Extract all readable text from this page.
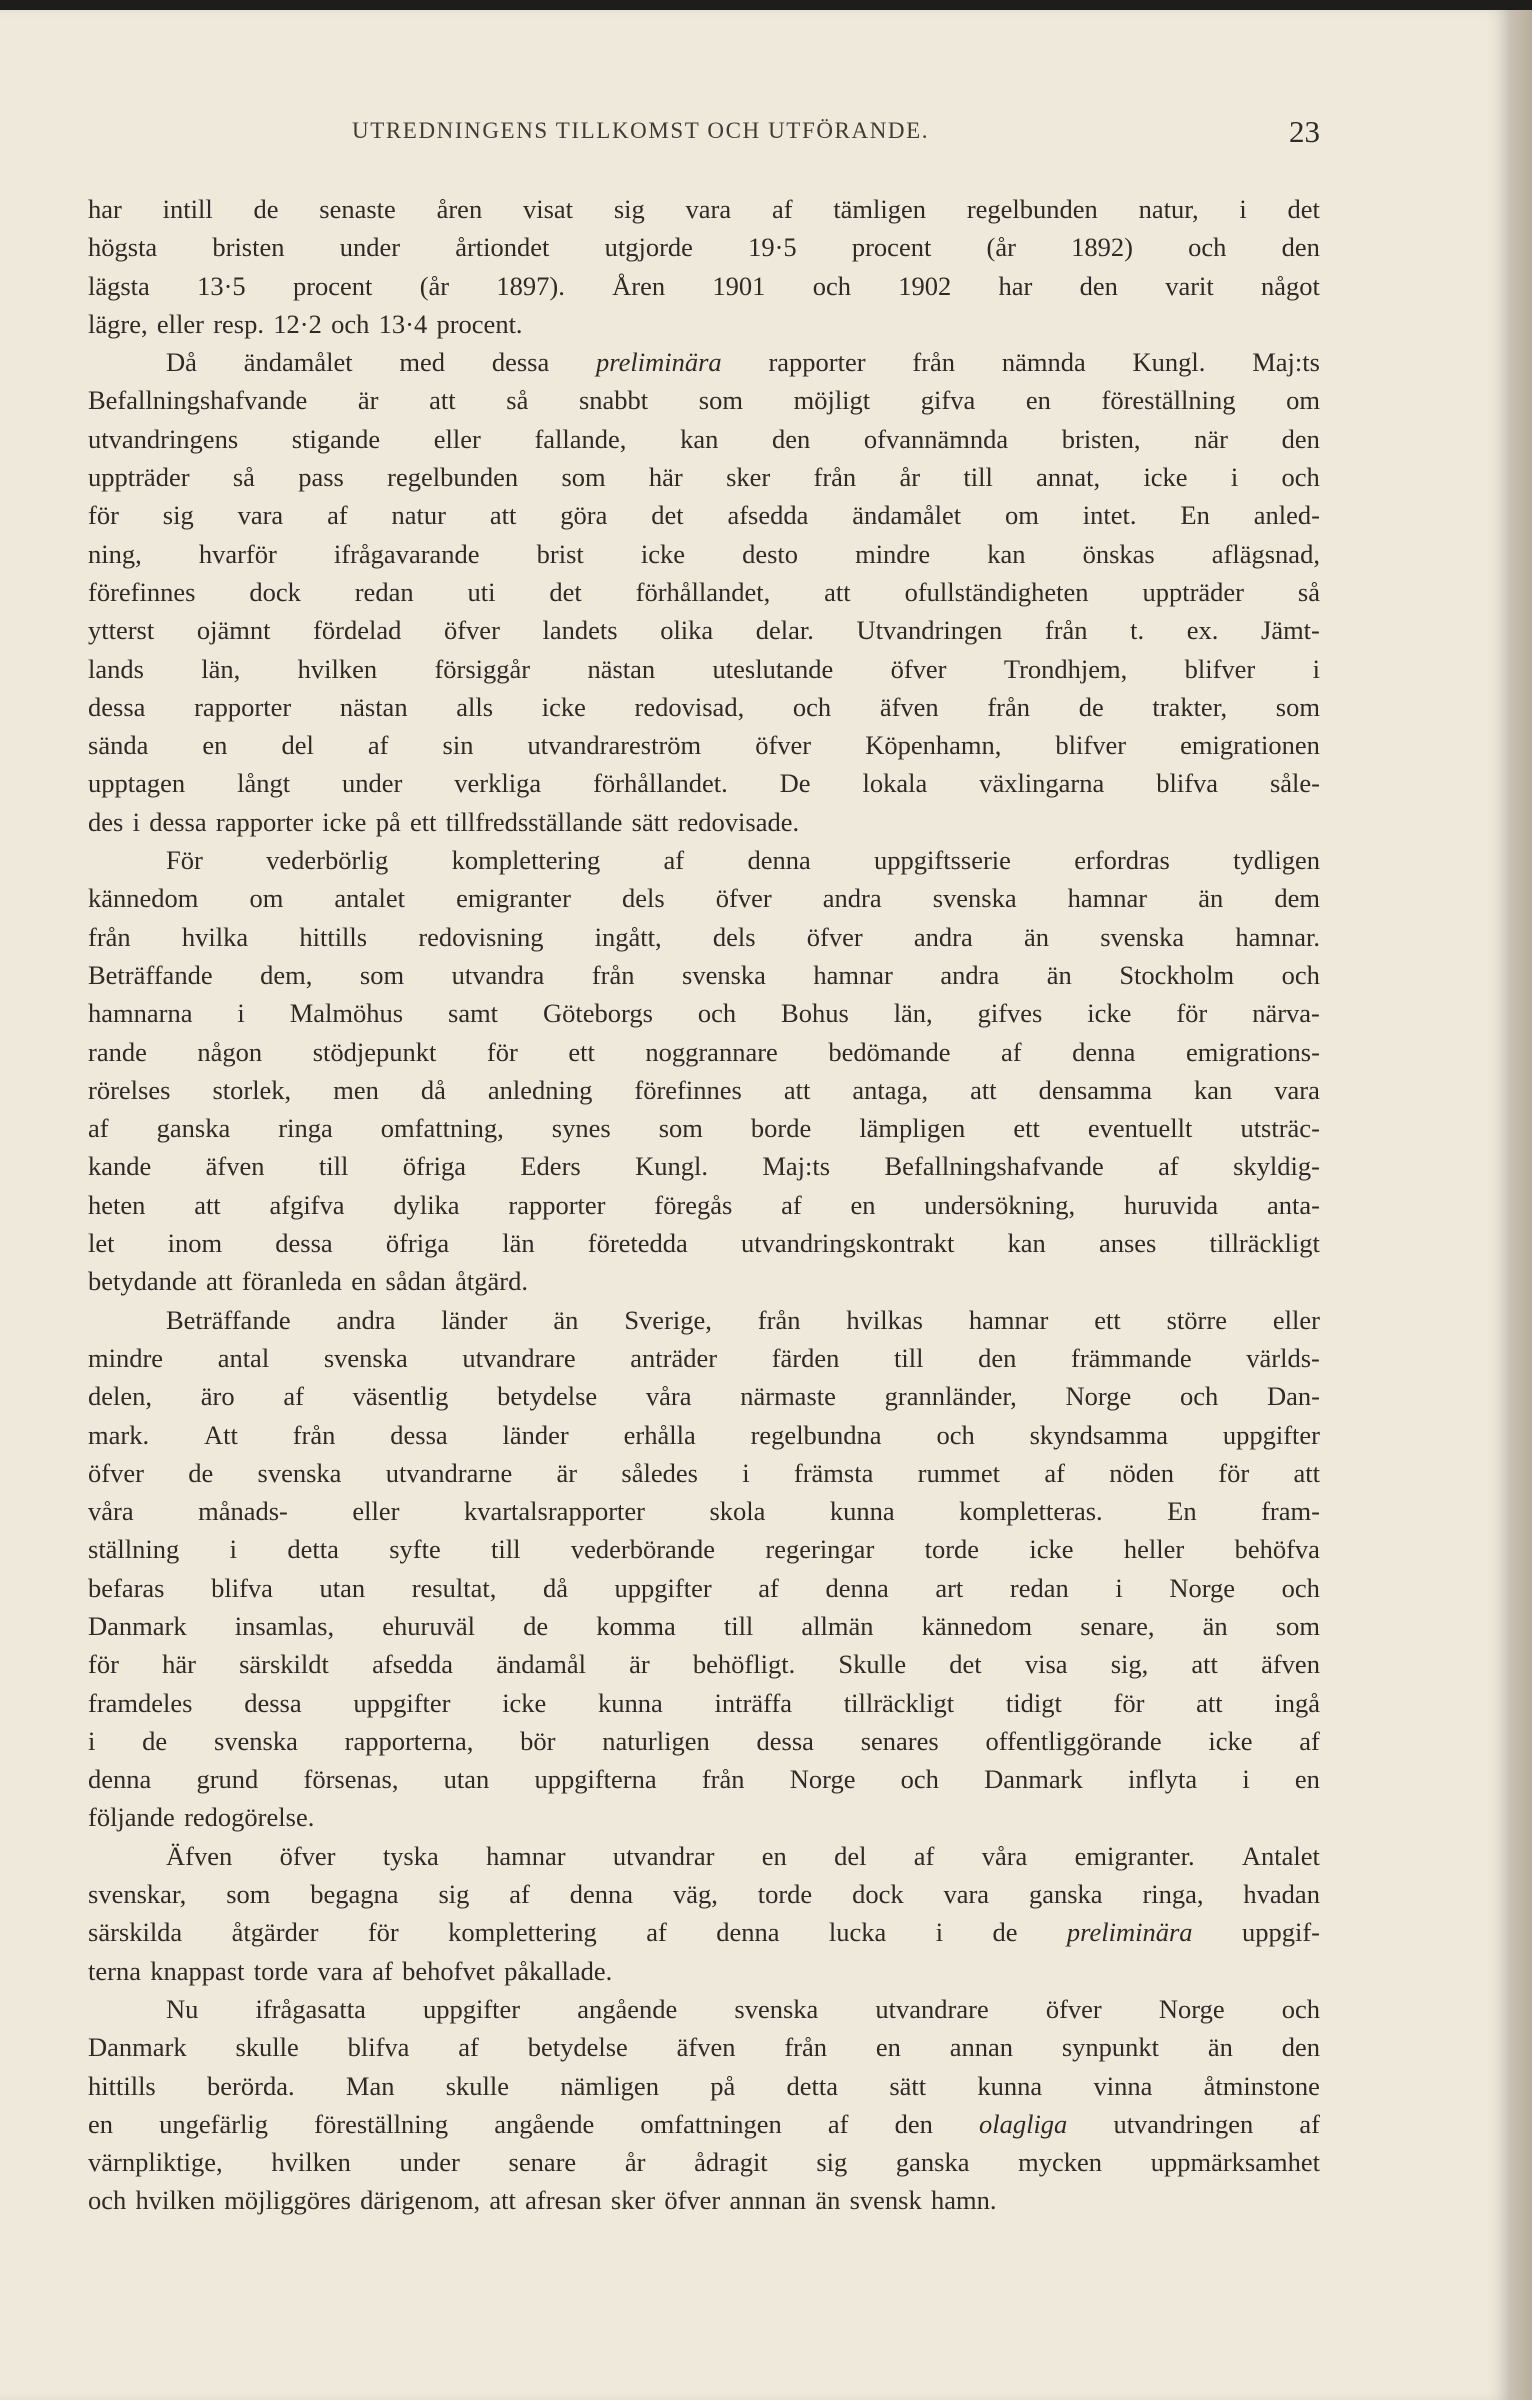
UTREDNINGENS TILLKOMST OCH UTFÖRANDE.	23
har intill de senaste åren visat sig vara af tämligen regelbunden natur, i det
högsta bristen under årtiondet utgjorde 19·5 procent (år 1892) och den
lägsta 13·5 procent (år 1897). Åren 1901 och 1902 har den varit något
lägre, eller resp. 12·2 och 13·4 procent.
Då ändamålet med dessa preliminära rapporter från nämnda Kungl. Maj:ts
Befallningshafvande är att så snabbt som möjligt gifva en föreställning om
utvandringens stigande eller fallande, kan den ofvannämnda bristen, när den
uppträder så pass regelbunden som här sker från år till annat, icke i och
för sig vara af natur att göra det afsedda ändamålet om intet. En anled-
ning, hvarför ifrågavarande brist icke desto mindre kan önskas aflägsnad,
förefinnes dock redan uti det förhållandet, att ofullständigheten uppträder så
ytterst ojämnt fördelad öfver landets olika delar. Utvandringen från t. ex. Jämt-
lands län, hvilken försiggår nästan uteslutande öfver Trondhjem, blifver i
dessa rapporter nästan alls icke redovisad, och äfven från de trakter, som
sända en del af sin utvandrareström öfver Köpenhamn, blifver emigrationen
upptagen långt under verkliga förhållandet. De lokala växlingarna blifva såle-
des i dessa rapporter icke på ett tillfredsställande sätt redovisade.
För vederbörlig komplettering af denna uppgiftsserie erfordras tydligen
kännedom om antalet emigranter dels öfver andra svenska hamnar än dem
från hvilka hittills redovisning ingått, dels öfver andra än svenska hamnar.
Beträffande dem, som utvandra från svenska hamnar andra än Stockholm och
hamnarna i Malmöhus samt Göteborgs och Bohus län, gifves icke för närva-
rande någon stödjepunkt för ett noggrannare bedömande af denna emigrations-
rörelses storlek, men då anledning förefinnes att antaga, att densamma kan vara
af ganska ringa omfattning, synes som borde lämpligen ett eventuellt utsträc-
kande äfven till öfriga Eders Kungl. Maj:ts Befallningshafvande af skyldig-
heten att afgifva dylika rapporter föregås af en undersökning, huruvida anta-
let inom dessa öfriga län företedda utvandringskontrakt kan anses tillräckligt
betydande att föranleda en sådan åtgärd.
Beträffande andra länder än Sverige, från hvilkas hamnar ett större eller
mindre antal svenska utvandrare anträder färden till den främmande världs-
delen, äro af väsentlig betydelse våra närmaste grannländer, Norge och Dan-
mark. Att från dessa länder erhålla regelbundna och skyndsamma uppgifter
öfver de svenska utvandrarne är således i främsta rummet af nöden för att
våra månads- eller kvartalsrapporter skola kunna kompletteras. En fram-
ställning i detta syfte till vederbörande regeringar torde icke heller behöfva
befaras blifva utan resultat, då uppgifter af denna art redan i Norge och
Danmark insamlas, ehuruväl de komma till allmän kännedom senare, än som
för här särskildt afsedda ändamål är behöfligt. Skulle det visa sig, att äfven
framdeles dessa uppgifter icke kunna inträffa tillräckligt tidigt för att ingå
i de svenska rapporterna, bör naturligen dessa senares offentliggörande icke af
denna grund försenas, utan uppgifterna från Norge och Danmark inflyta i en
följande redogörelse.
Äfven öfver tyska hamnar utvandrar en del af våra emigranter. Antalet
svenskar, som begagna sig af denna väg, torde dock vara ganska ringa, hvadan
särskilda åtgärder för komplettering af denna lucka i de preliminära uppgif-
terna knappast torde vara af behofvet påkallade.
Nu ifrågasatta uppgifter angående svenska utvandrare öfver Norge och
Danmark skulle blifva af betydelse äfven från en annan synpunkt än den
hittills berörda. Man skulle nämligen på detta sätt kunna vinna åtminstone
en ungefärlig föreställning angående omfattningen af den olagliga utvandringen af
värnpliktige, hvilken under senare år ådragit sig ganska mycken uppmärksamhet
och hvilken möjliggöres därigenom, att afresan sker öfver annnan än svensk hamn.
